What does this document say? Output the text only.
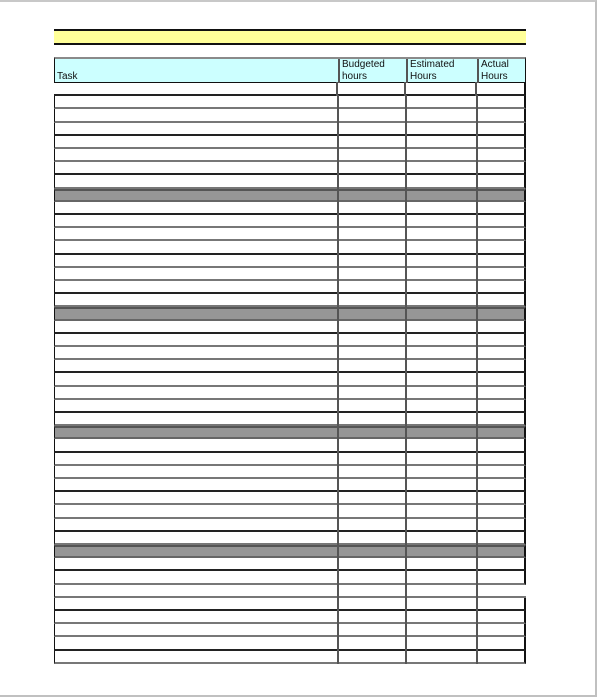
Task
Budgeted
hours
Estimated
Hours
Actual
Hours
